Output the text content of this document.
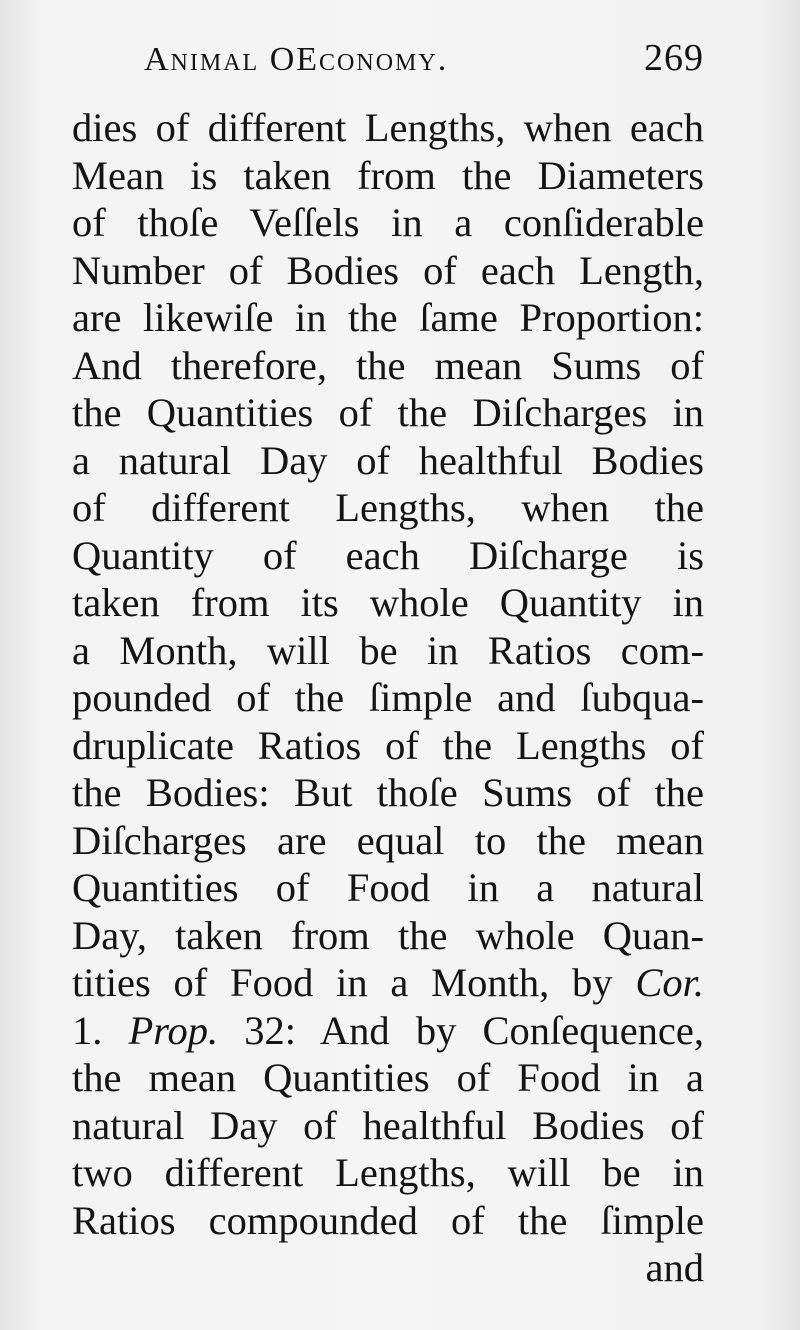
Animal OEconomy.	269
dies of different Lengths, when each
Mean is taken from the Diameters
of thoſe Veſſels in a conſiderable
Number of Bodies of each Length,
are likewiſe in the ſame Proportion:
And therefore, the mean Sums of
the Quantities of the Diſcharges in
a natural Day of healthful Bodies
of different Lengths, when the
Quantity of each Diſcharge is
taken from its whole Quantity in
a Month, will be in Ratios com-
pounded of the ſimple and ſubqua-
druplicate Ratios of the Lengths of
the Bodies: But thoſe Sums of the
Diſcharges are equal to the mean
Quantities of Food in a natural
Day, taken from the whole Quan-
tities of Food in a Month, by Cor.
1. Prop. 32: And by Conſequence,
the mean Quantities of Food in a
natural Day of healthful Bodies of
two different Lengths, will be in
Ratios compounded of the ſimple
and
